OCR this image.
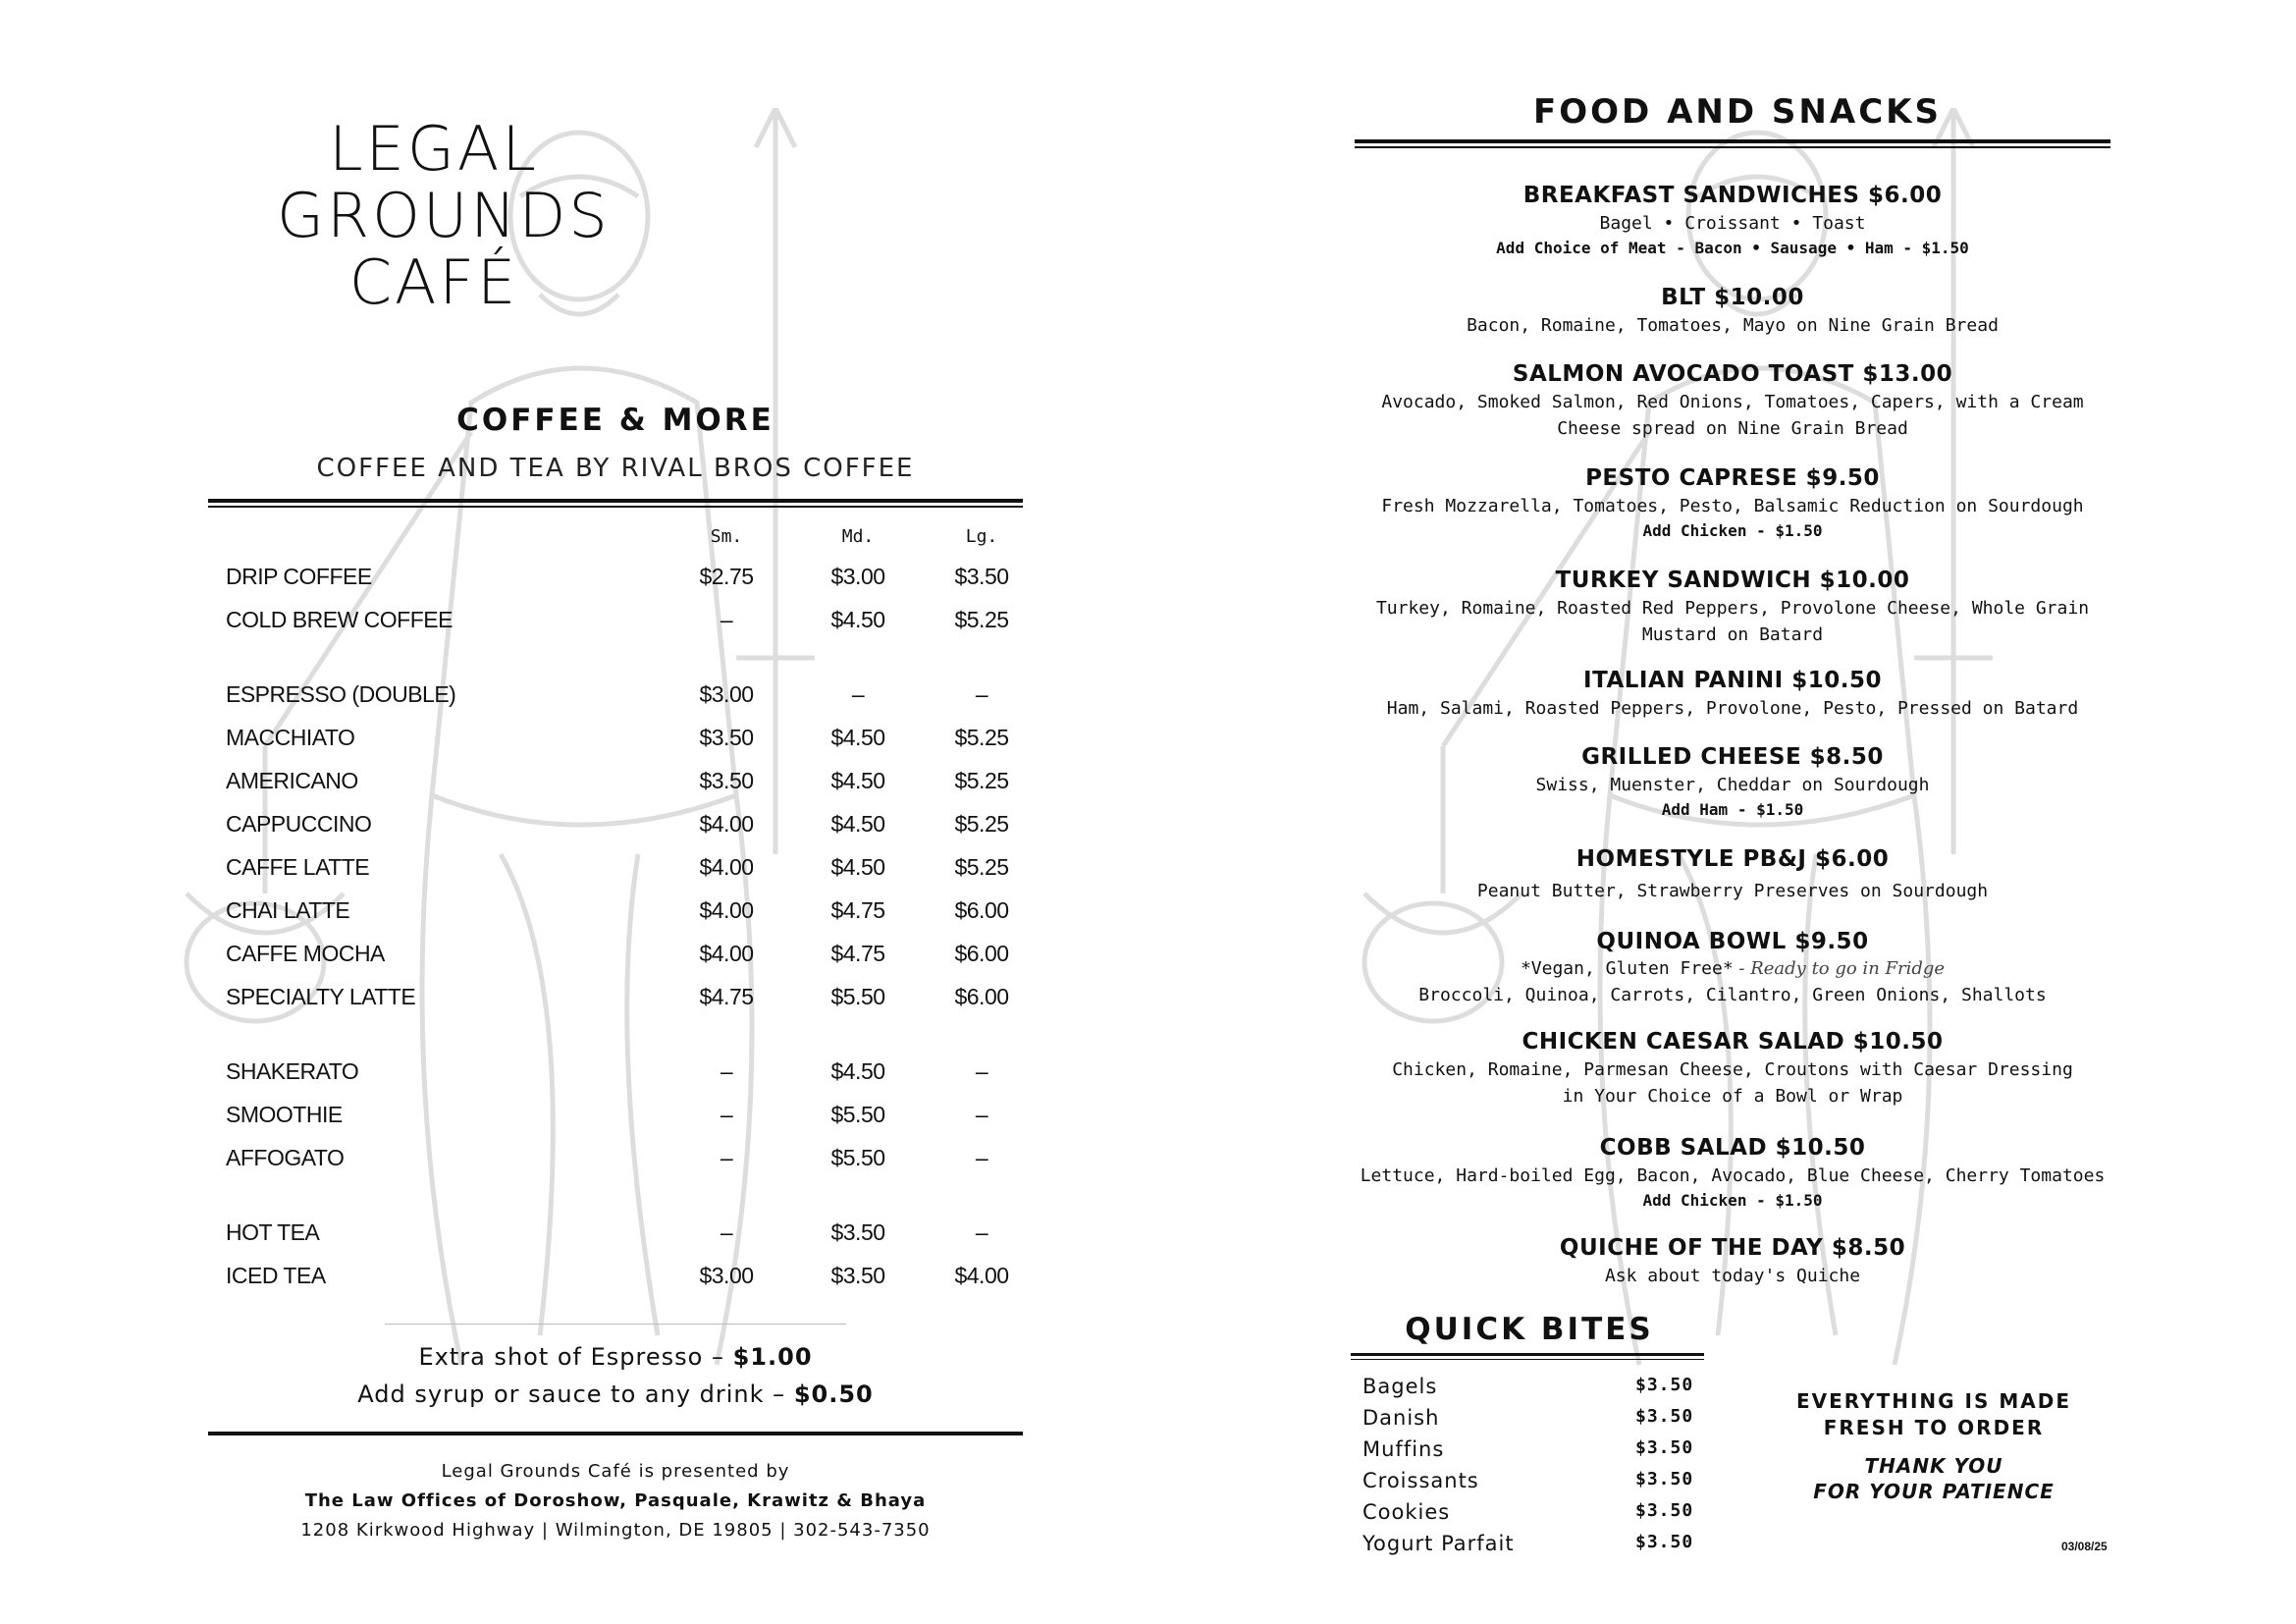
LEGAL
GROUNDS
CAFÉ
COFFEE & MORE
COFFEE AND TEA BY RIVAL BROS COFFEE
Sm.	Md.	Lg.
DRIP COFFEE	$2.75	$3.00	$3.50
COLD BREW COFFEE	–	$4.50	$5.25
ESPRESSO (DOUBLE)	$3.00	–	–
MACCHIATO	$3.50	$4.50	$5.25
AMERICANO	$3.50	$4.50	$5.25
CAPPUCCINO	$4.00	$4.50	$5.25
CAFFE LATTE	$4.00	$4.50	$5.25
CHAI LATTE	$4.00	$4.75	$6.00
CAFFE MOCHA	$4.00	$4.75	$6.00
SPECIALTY LATTE	$4.75	$5.50	$6.00
SHAKERATO	–	$4.50	–
SMOOTHIE	–	$5.50	–
AFFOGATO	–	$5.50	–
HOT TEA	–	$3.50	–
ICED TEA	$3.00	$3.50	$4.00
Extra shot of Espresso – $1.00
Add syrup or sauce to any drink – $0.50
Legal Grounds Café is presented by
The Law Offices of Doroshow, Pasquale, Krawitz & Bhaya
1208 Kirkwood Highway | Wilmington, DE 19805 | 302-543-7350
FOOD AND SNACKS
BREAKFAST SANDWICHES $6.00
Bagel • Croissant • Toast
Add Choice of Meat - Bacon • Sausage • Ham - $1.50
BLT $10.00
Bacon, Romaine, Tomatoes, Mayo on Nine Grain Bread
SALMON AVOCADO TOAST $13.00
Avocado, Smoked Salmon, Red Onions, Tomatoes, Capers, with a Cream Cheese spread on Nine Grain Bread
PESTO CAPRESE $9.50
Fresh Mozzarella, Tomatoes, Pesto, Balsamic Reduction on Sourdough
Add Chicken - $1.50
TURKEY SANDWICH $10.00
Turkey, Romaine, Roasted Red Peppers, Provolone Cheese, Whole Grain Mustard on Batard
ITALIAN PANINI $10.50
Ham, Salami, Roasted Peppers, Provolone, Pesto, Pressed on Batard
GRILLED CHEESE $8.50
Swiss, Muenster, Cheddar on Sourdough
Add Ham - $1.50
HOMESTYLE PB&J $6.00
Peanut Butter, Strawberry Preserves on Sourdough
QUINOA BOWL $9.50
*Vegan, Gluten Free* - Ready to go in Fridge
Broccoli, Quinoa, Carrots, Cilantro, Green Onions, Shallots
CHICKEN CAESAR SALAD $10.50
Chicken, Romaine, Parmesan Cheese, Croutons with Caesar Dressing in Your Choice of a Bowl or Wrap
COBB SALAD $10.50
Lettuce, Hard-boiled Egg, Bacon, Avocado, Blue Cheese, Cherry Tomatoes
Add Chicken - $1.50
QUICHE OF THE DAY $8.50
Ask about today's Quiche
QUICK BITES
Bagels	$3.50
Danish	$3.50
Muffins	$3.50
Croissants	$3.50
Cookies	$3.50
Yogurt Parfait	$3.50
EVERYTHING IS MADE
FRESH TO ORDER
THANK YOU
FOR YOUR PATIENCE
03/08/25
